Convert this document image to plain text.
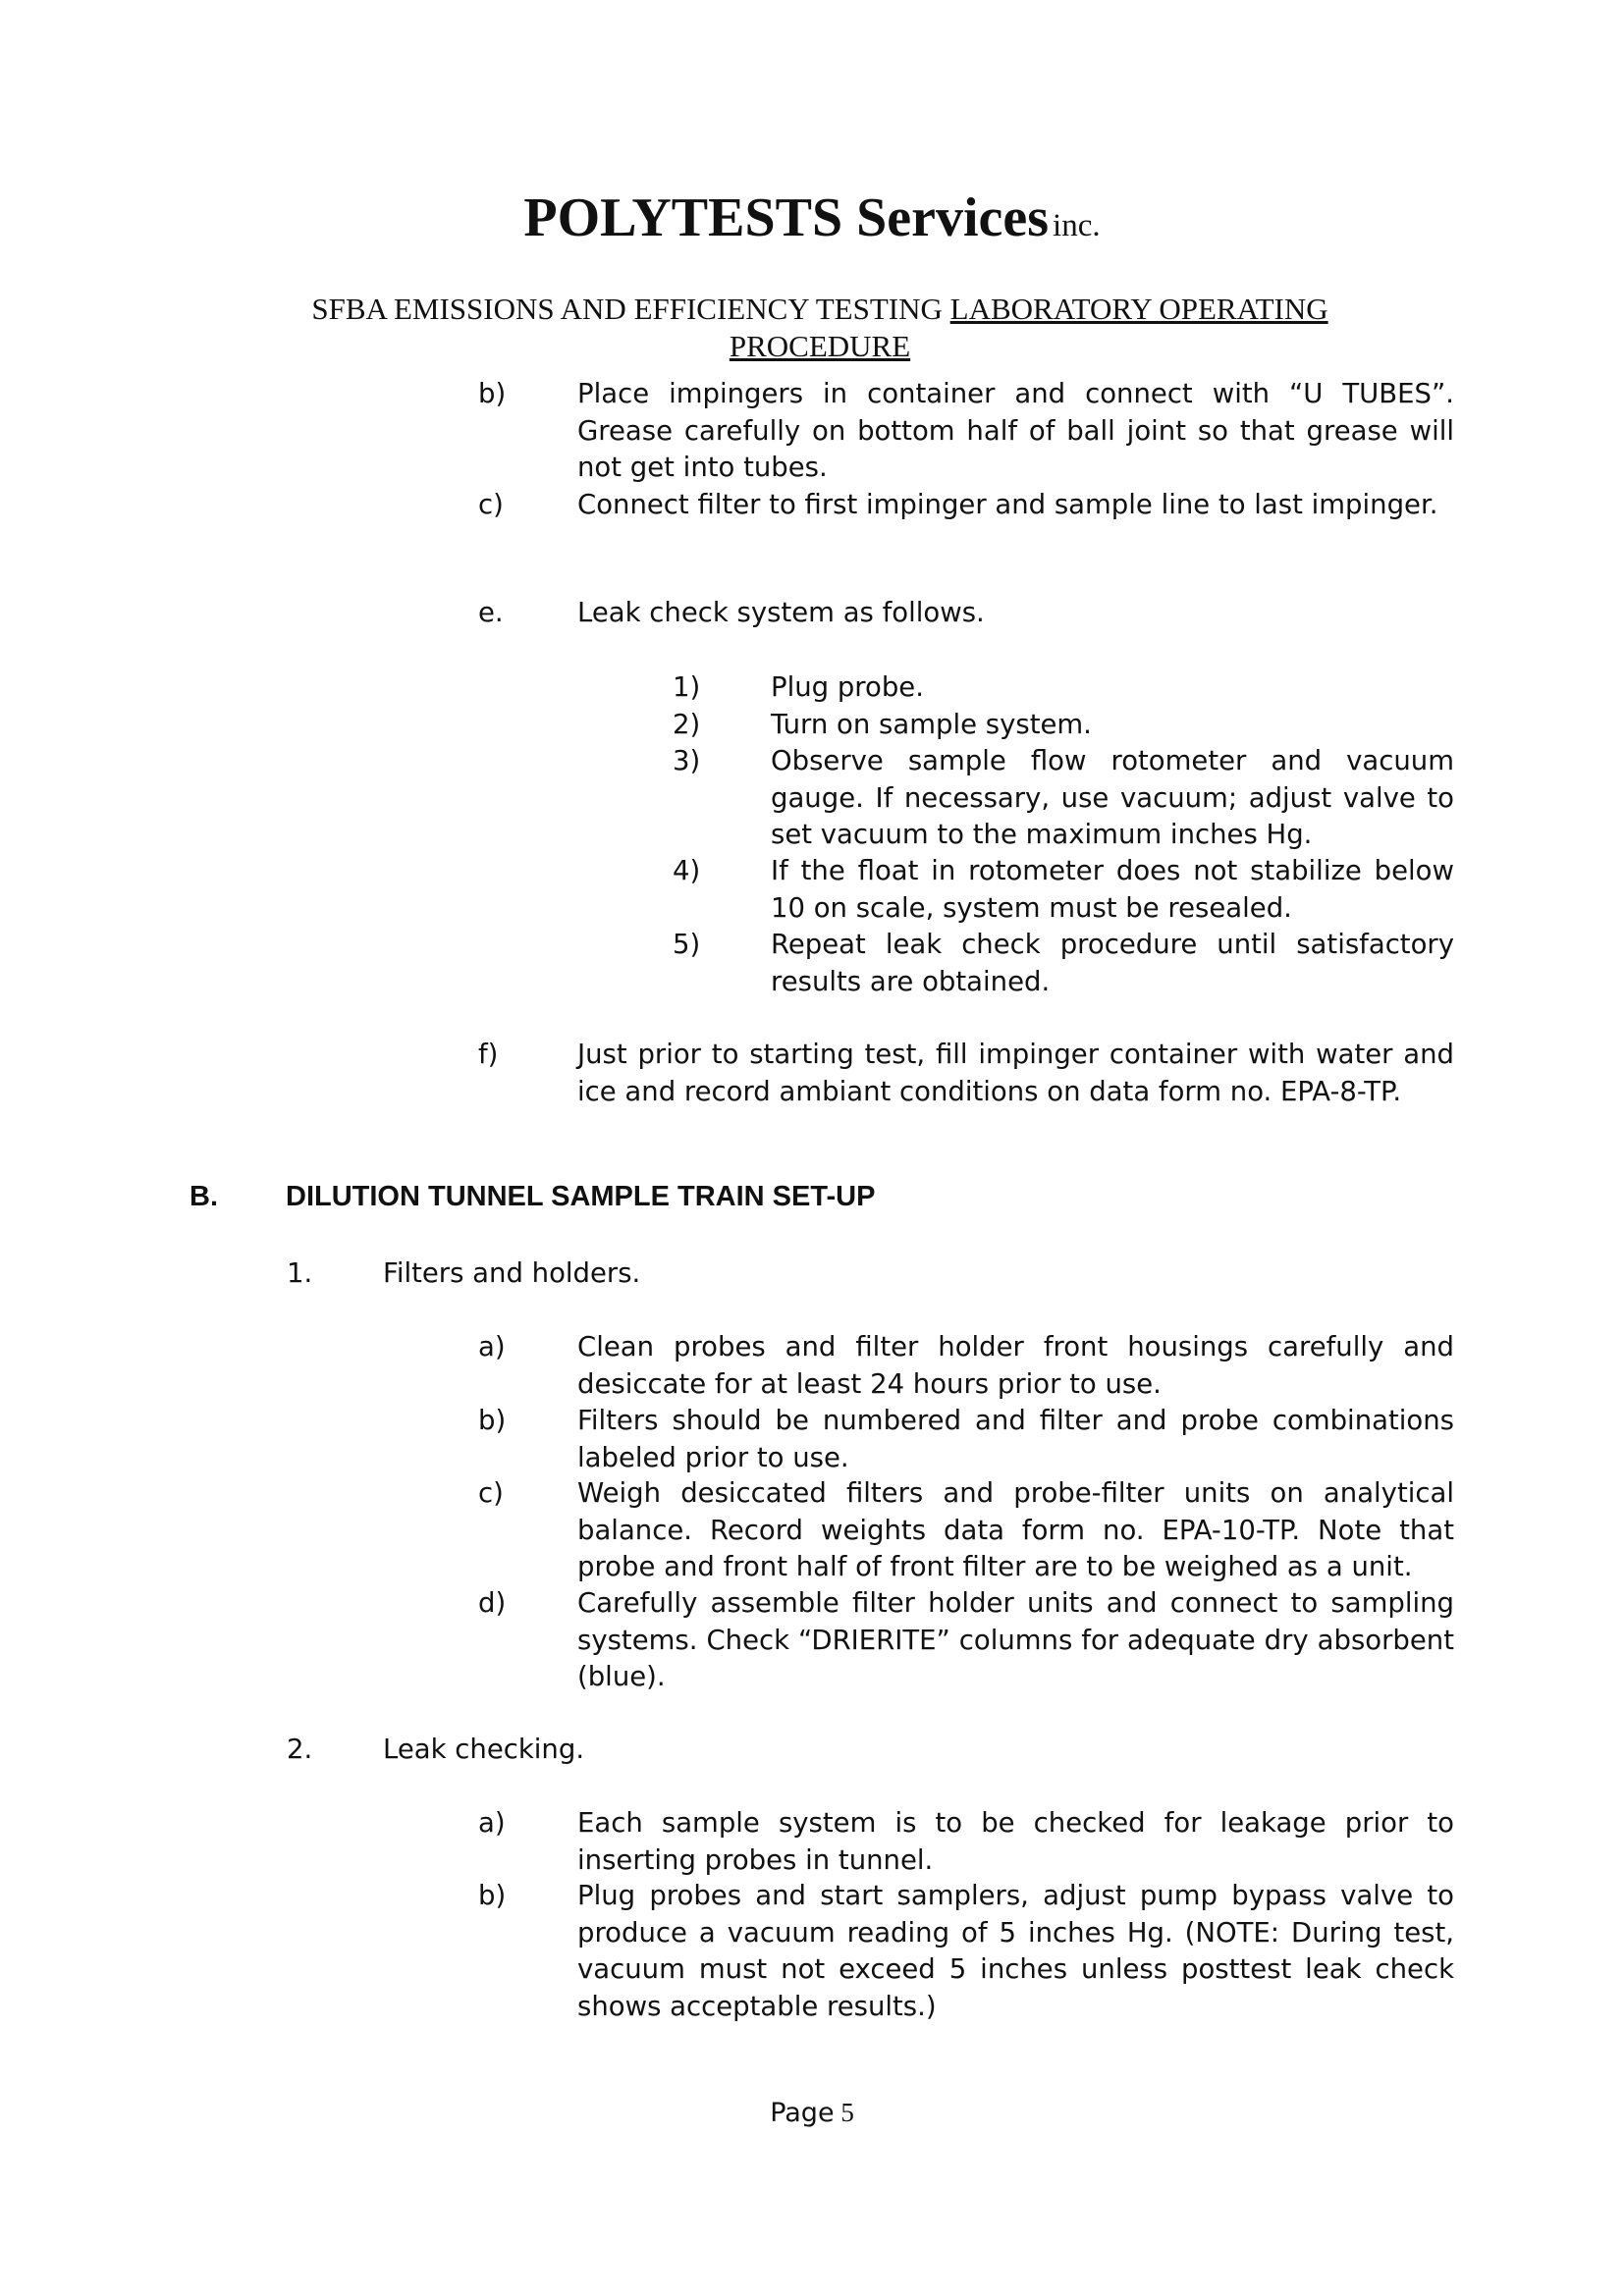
POLYTESTS Services inc.
SFBA EMISSIONS AND EFFICIENCY TESTING LABORATORY OPERATING
PROCEDURE
b)	Place impingers in container and connect with “U TUBES”. Grease carefully on bottom half of ball joint so that grease will not get into tubes.
c)	Connect filter to first impinger and sample line to last impinger.
e.	Leak check system as follows.
1)	Plug probe.
2)	Turn on sample system.
3)	Observe sample flow rotometer and vacuum gauge. If necessary, use vacuum; adjust valve to set vacuum to the maximum inches Hg.
4)	If the float in rotometer does not stabilize below 10 on scale, system must be resealed.
5)	Repeat leak check procedure until satisfactory results are obtained.
f)	Just prior to starting test, fill impinger container with water and ice and record ambiant conditions on data form no. EPA-8-TP.
B. DILUTION TUNNEL SAMPLE TRAIN SET-UP
1.	Filters and holders.
a)	Clean probes and filter holder front housings carefully and desiccate for at least 24 hours prior to use.
b)	Filters should be numbered and filter and probe combinations labeled prior to use.
c)	Weigh desiccated filters and probe-filter units on analytical balance. Record weights data form no. EPA-10-TP. Note that probe and front half of front filter are to be weighed as a unit.
d)	Carefully assemble filter holder units and connect to sampling systems. Check “DRIERITE” columns for adequate dry absorbent (blue).
2.	Leak checking.
a)	Each sample system is to be checked for leakage prior to inserting probes in tunnel.
b)	Plug probes and start samplers, adjust pump bypass valve to produce a vacuum reading of 5 inches Hg. (NOTE: During test, vacuum must not exceed 5 inches unless posttest leak check shows acceptable results.)
Page 5
